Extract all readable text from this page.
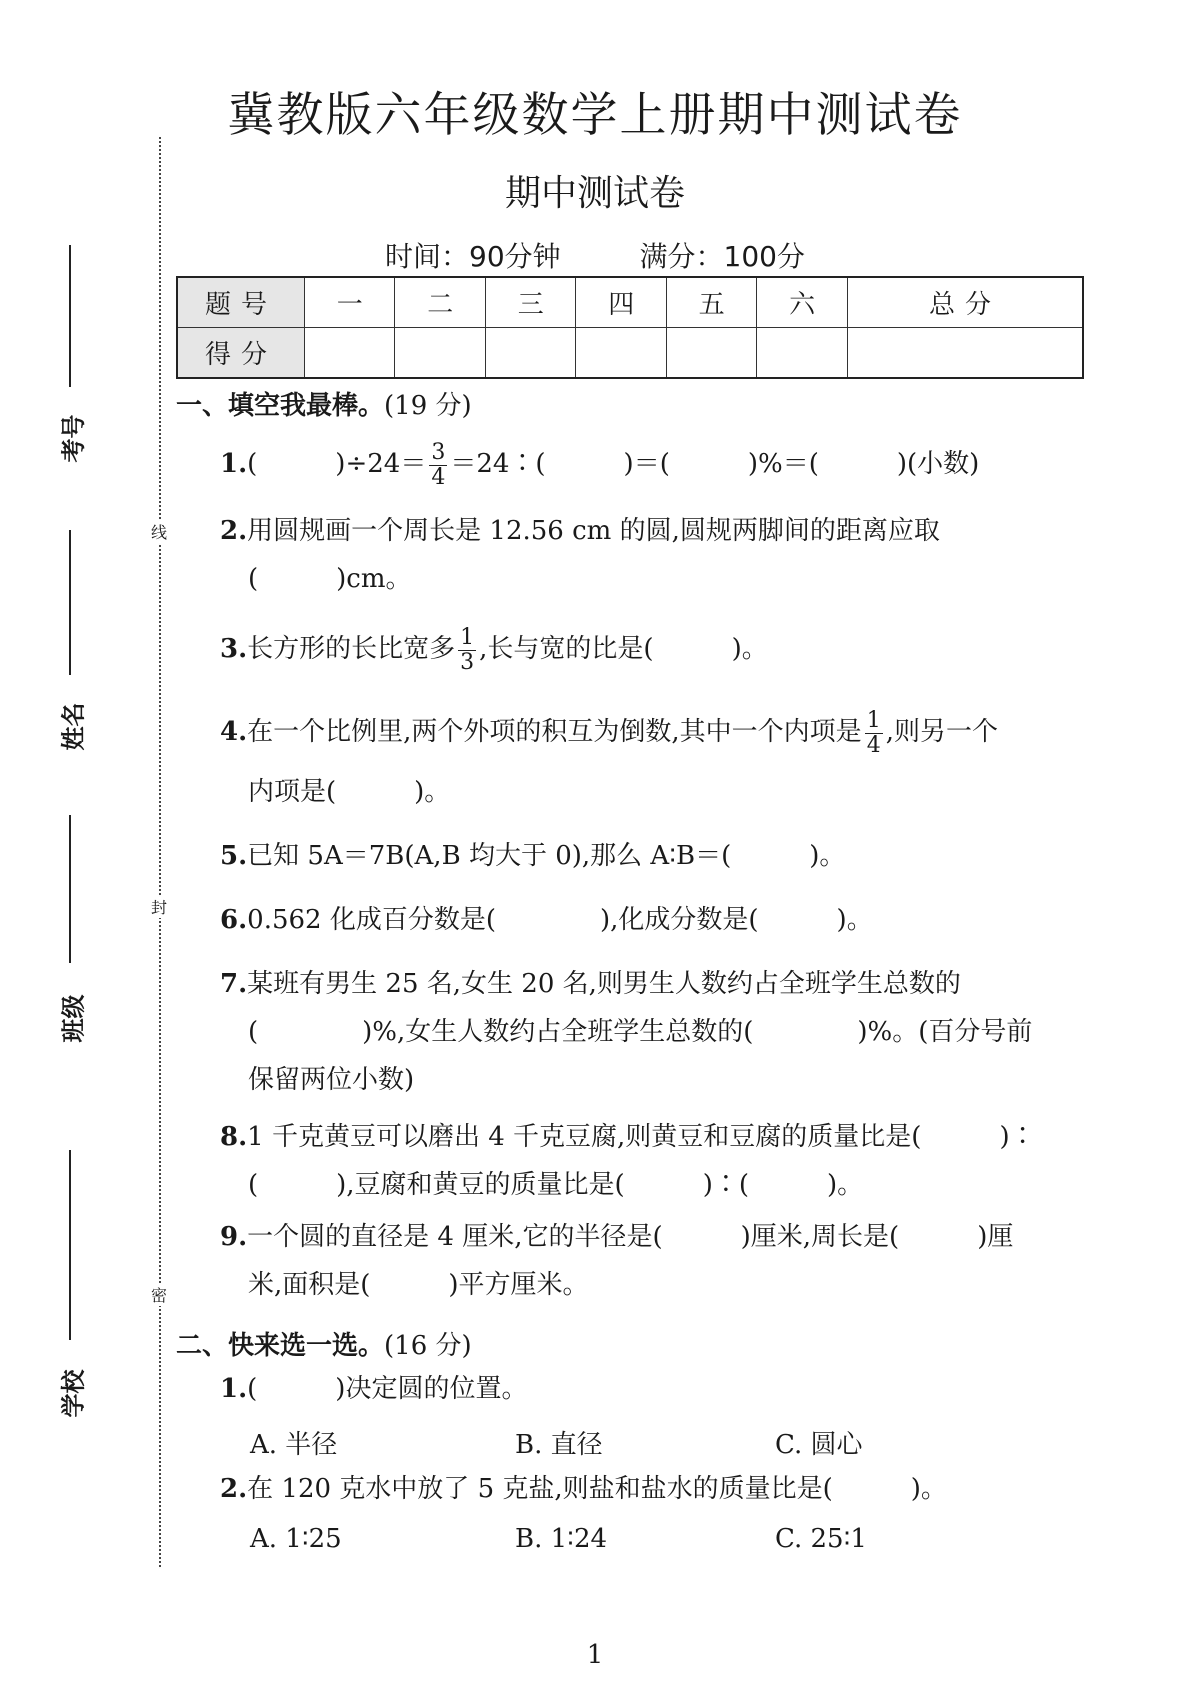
线
封
密
考号
姓名
班级
学校
冀教版六年级数学上册期中测试卷
期中测试卷
时间：90分钟	满分：100分
题号	一	二	三	四	五	六	总分
得分							
一、填空我最棒。(19 分)
1.(　　　)$\div 24= \frac{3}{4}$ ＝24∶(　　　)＝(　　　)%＝(　　　)(小数)
2.用圆规画一个周长是 12.56 cm 的圆,圆规两脚间的距离应取
(　　　)cm。
3.长方形的长比宽多 $\frac{1}{3}$ ,长与宽的比是(　　　)。
4.在一个比例里,两个外项的积互为倒数,其中一个内项是 $\frac{1}{4}$ ,则另一个
内项是(　　　)。
5.已知 5A＝7B(A,B 均大于 0),那么 A∶B＝(　　　)。
6.0.562 化成百分数是(　　　　),化成分数是(　　　)。
7.某班有男生 25 名,女生 20 名,则男生人数约占全班学生总数的
(　　　　)%,女生人数约占全班学生总数的(　　　　)%。(百分号前
保留两位小数)
8.1 千克黄豆可以磨出 4 千克豆腐,则黄豆和豆腐的质量比是(　　　)∶
(　　　),豆腐和黄豆的质量比是(　　　)∶(　　　)。
9.一个圆的直径是 4 厘米,它的半径是(　　　)厘米,周长是(　　　)厘
米,面积是(　　　)平方厘米。
二、快来选一选。(16 分)
1.(　　　)决定圆的位置。
A. 半径	B. 直径	C. 圆心
2.在 120 克水中放了 5 克盐,则盐和盐水的质量比是(　　　)。
A. 1∶25	B. 1∶24	C. 25∶1
1
